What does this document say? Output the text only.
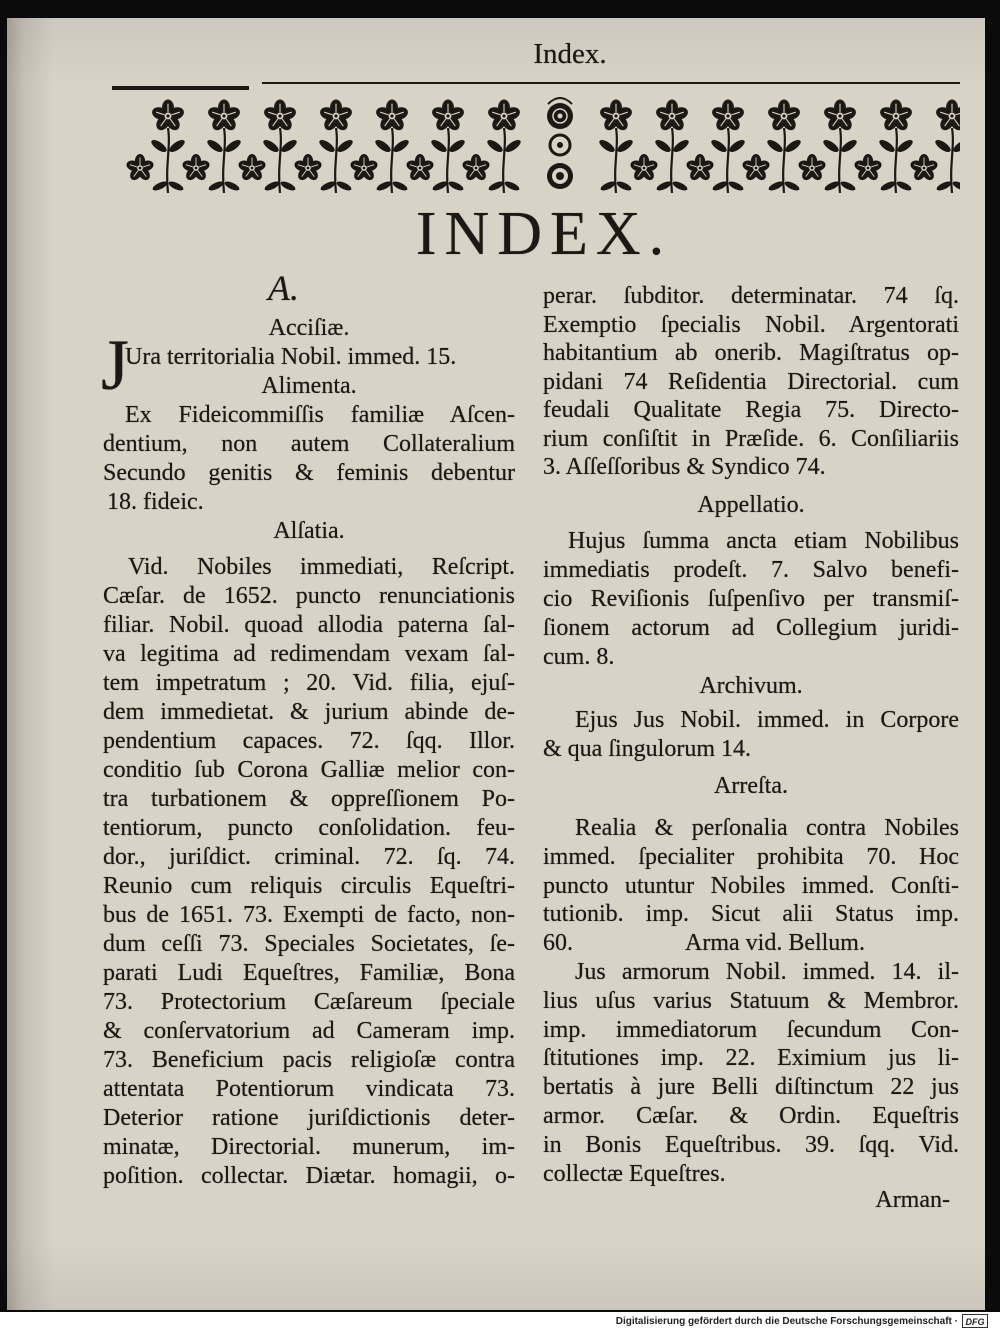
Index.
INDEX.
A.
J	Acciſiæ.
Ura territorialia Nobil. immed. 15.
Alimenta.
Ex Fideicommiſſis familiæ Aſcen-
dentium, non autem Collateralium
Secundo genitis & feminis debentur
18. fideic.
Alſatia.
Vid. Nobiles immediati, Reſcript.
Cæſar. de 1652. puncto renunciationis
filiar. Nobil. quoad allodia paterna ſal-
va legitima ad redimendam vexam ſal-
tem impetratum ; 20. Vid. filia, ejuſ-
dem immedietat. & jurium abinde de-
pendentium capaces. 72. ſqq. Illor.
conditio ſub Corona Galliæ melior con-
tra turbationem & oppreſſionem Po-
tentiorum, puncto conſolidation. feu-
dor., juriſdict. criminal. 72. ſq. 74.
Reunio cum reliquis circulis Equeſtri-
bus de 1651. 73. Exempti de facto, non-
dum ceſſi 73. Speciales Societates, ſe-
parati Ludi Equeſtres, Familiæ, Bona
73. Protectorium Cæſareum ſpeciale
& conſervatorium ad Cameram imp.
73. Beneficium pacis religioſæ contra
attentata Potentiorum vindicata 73.
Deterior ratione juriſdictionis deter-
minatæ, Directorial. munerum, im-
poſition. collectar. Diætar. homagii, o-
perar. ſubditor. determinatar. 74 ſq.
Exemptio ſpecialis Nobil. Argentorati
habitantium ab onerib. Magiſtratus op-
pidani 74 Reſidentia Directorial. cum
feudali Qualitate Regia 75. Directo-
rium conſiſtit in Præſide. 6. Conſiliariis
3. Aſſeſſoribus & Syndico 74.
Appellatio.
Hujus ſumma ancta etiam Nobilibus
immediatis prodeſt. 7. Salvo benefi-
cio Reviſionis ſuſpenſivo per transmiſ-
ſionem actorum ad Collegium juridi-
cum. 8.
Archivum.
Ejus Jus Nobil. immed. in Corpore
& qua ſingulorum 14.
Arreſta.
Realia & perſonalia contra Nobiles
immed. ſpecialiter prohibita 70. Hoc
puncto utuntur Nobiles immed. Conſti-
tutionib. imp. Sicut alii Status imp.
60.	Arma vid. Bellum.
Jus armorum Nobil. immed. 14. il-
lius uſus varius Statuum & Membror.
imp. immediatorum ſecundum Con-
ſtitutiones imp. 22. Eximium jus li-
bertatis à jure Belli diſtinctum 22 jus
armor. Cæſar. & Ordin. Equeſtris
in Bonis Equeſtribus. 39. ſqq. Vid.
collectæ Equeſtres.
Arman-
Digitalisierung gefördert durch die Deutsche Forschungsgemeinschaft · DFG
